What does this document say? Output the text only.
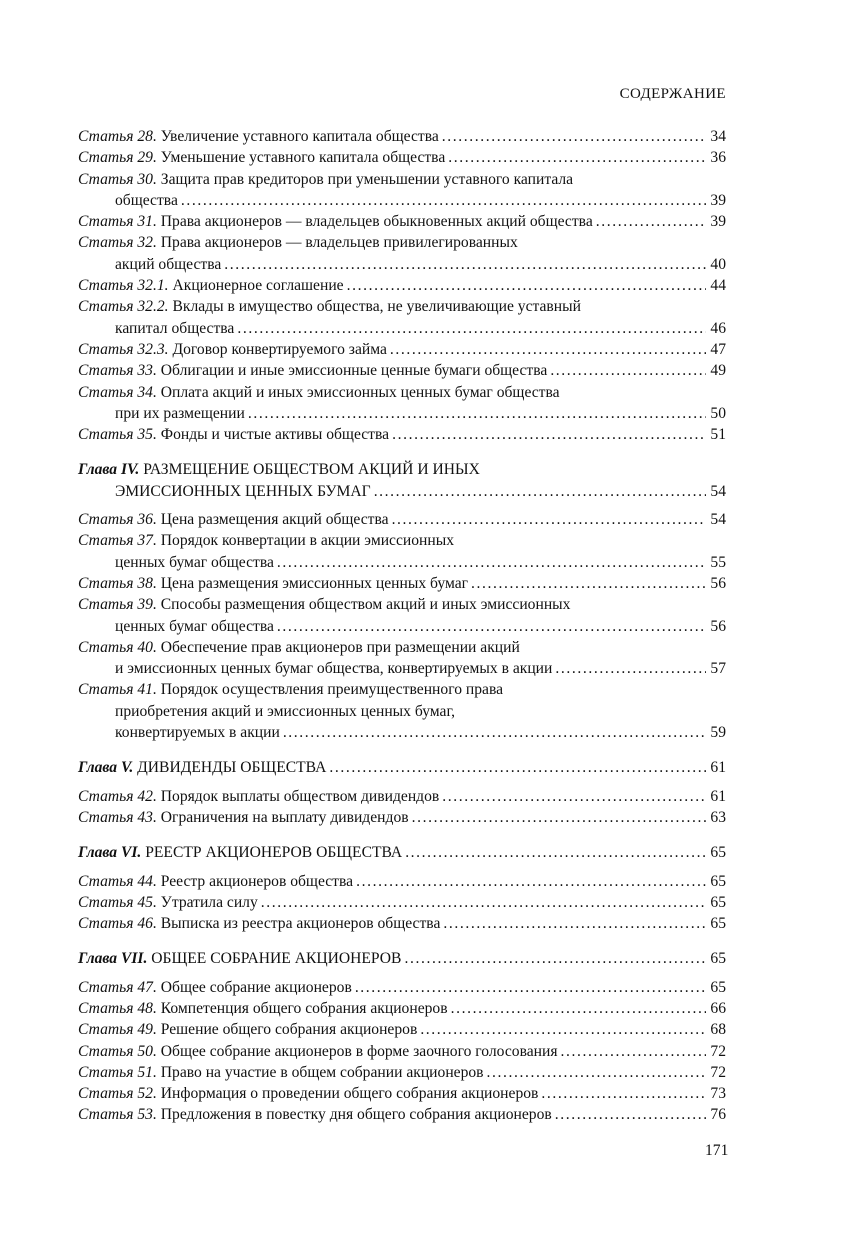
СОДЕРЖАНИЕ
Статья 28. Увеличение уставного капитала общества .....	34
Статья 29. Уменьшение уставного капитала общества .....	36
Статья 30. Защита прав кредиторов при уменьшении уставного капитала
общества .....	39
Статья 31. Права акционеров — владельцев обыкновенных акций общества .....	39
Статья 32. Права акционеров — владельцев привилегированных
акций общества .....	40
Статья 32.1. Акционерное соглашение .....	44
Статья 32.2. Вклады в имущество общества, не увеличивающие уставный
капитал общества .....	46
Статья 32.3. Договор конвертируемого займа .....	47
Статья 33. Облигации и иные эмиссионные ценные бумаги общества .....	49
Статья 34. Оплата акций и иных эмиссионных ценных бумаг общества
при их размещении .....	50
Статья 35. Фонды и чистые активы общества .....	51
Глава IV. РАЗМЕЩЕНИЕ ОБЩЕСТВОМ АКЦИЙ И ИНЫХ
ЭМИССИОННЫХ ЦЕННЫХ БУМАГ .....	54
Статья 36. Цена размещения акций общества .....	54
Статья 37. Порядок конвертации в акции эмиссионных
ценных бумаг общества .....	55
Статья 38. Цена размещения эмиссионных ценных бумаг .....	56
Статья 39. Способы размещения обществом акций и иных эмиссионных
ценных бумаг общества .....	56
Статья 40. Обеспечение прав акционеров при размещении акций
и эмиссионных ценных бумаг общества, конвертируемых в акции .....	57
Статья 41. Порядок осуществления преимущественного права
приобретения акций и эмиссионных ценных бумаг,
конвертируемых в акции .....	59
Глава V. ДИВИДЕНДЫ ОБЩЕСТВА .....	61
Статья 42. Порядок выплаты обществом дивидендов .....	61
Статья 43. Ограничения на выплату дивидендов .....	63
Глава VI. РЕЕСТР АКЦИОНЕРОВ ОБЩЕСТВА .....	65
Статья 44. Реестр акционеров общества .....	65
Статья 45. Утратила силу .....	65
Статья 46. Выписка из реестра акционеров общества .....	65
Глава VII. ОБЩЕЕ СОБРАНИЕ АКЦИОНЕРОВ .....	65
Статья 47. Общее собрание акционеров .....	65
Статья 48. Компетенция общего собрания акционеров .....	66
Статья 49. Решение общего собрания акционеров .....	68
Статья 50. Общее собрание акционеров в форме заочного голосования .....	72
Статья 51. Право на участие в общем собрании акционеров .....	72
Статья 52. Информация о проведении общего собрания акционеров .....	73
Статья 53. Предложения в повестку дня общего собрания акционеров .....	76
171
